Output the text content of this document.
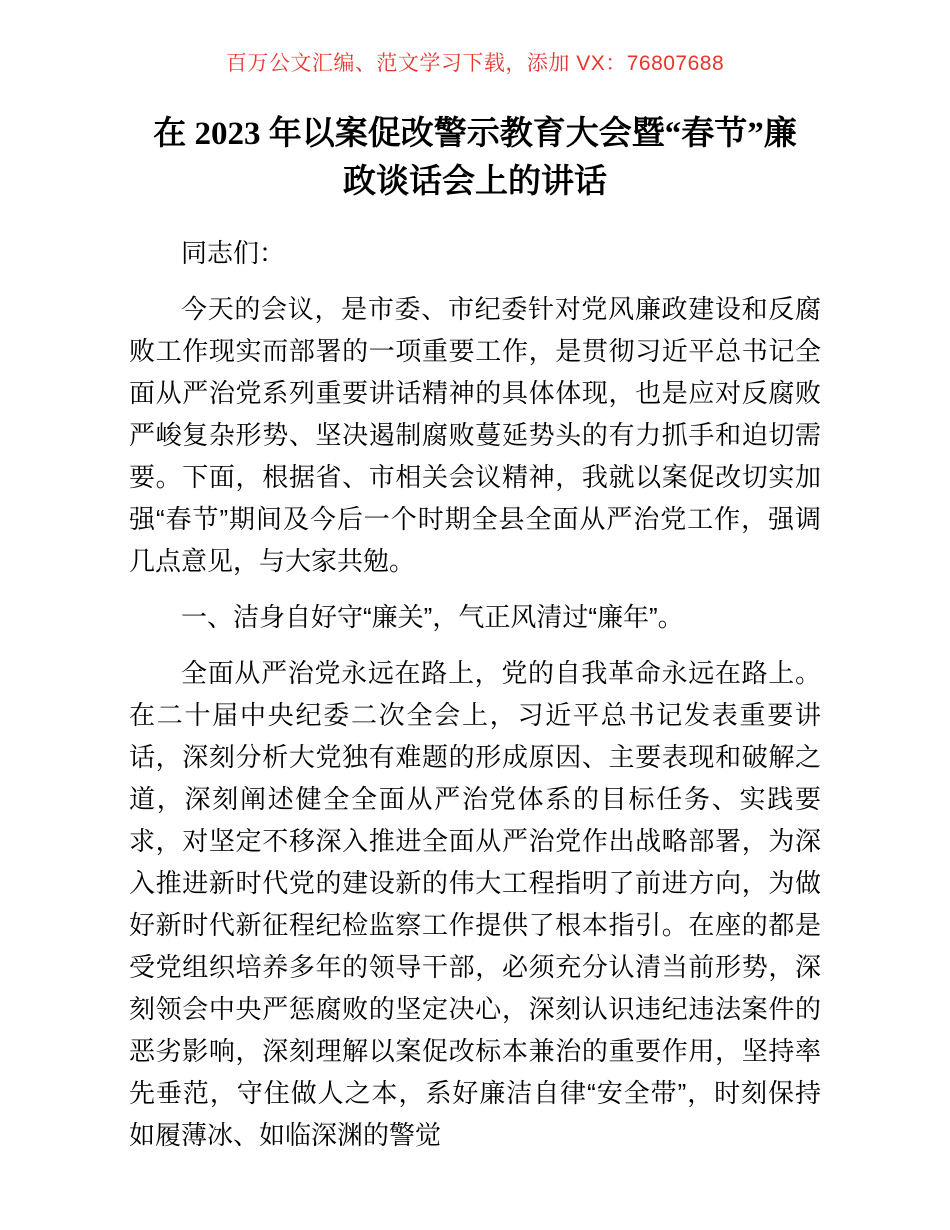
百万公文汇编、范文学习下载，添加 VX：76807688
在 2023 年以案促改警示教育大会暨“春节”廉
政谈话会上的讲话

同志们：

今天的会议，是市委、市纪委针对党风廉政建设和反腐败工作现实而部署的一项重要工作，是贯彻习近平总书记全面从严治党系列重要讲话精神的具体体现，也是应对反腐败严峻复杂形势、坚决遏制腐败蔓延势头的有力抓手和迫切需要。下面，根据省、市相关会议精神，我就以案促改切实加强“春节”期间及今后一个时期全县全面从严治党工作，强调几点意见，与大家共勉。

一、洁身自好守“廉关”，气正风清过“廉年”。

全面从严治党永远在路上，党的自我革命永远在路上。在二十届中央纪委二次全会上，习近平总书记发表重要讲话，深刻分析大党独有难题的形成原因、主要表现和破解之道，深刻阐述健全全面从严治党体系的目标任务、实践要求，对坚定不移深入推进全面从严治党作出战略部署，为深入推进新时代党的建设新的伟大工程指明了前进方向，为做好新时代新征程纪检监察工作提供了根本指引。在座的都是受党组织培养多年的领导干部，必须充分认清当前形势，深刻领会中央严惩腐败的坚定决心，深刻认识违纪违法案件的恶劣影响，深刻理解以案促改标本兼治的重要作用，坚持率先垂范，守住做人之本，系好廉洁自律“安全带”，时刻保持如履薄冰、如临深渊的警觉
